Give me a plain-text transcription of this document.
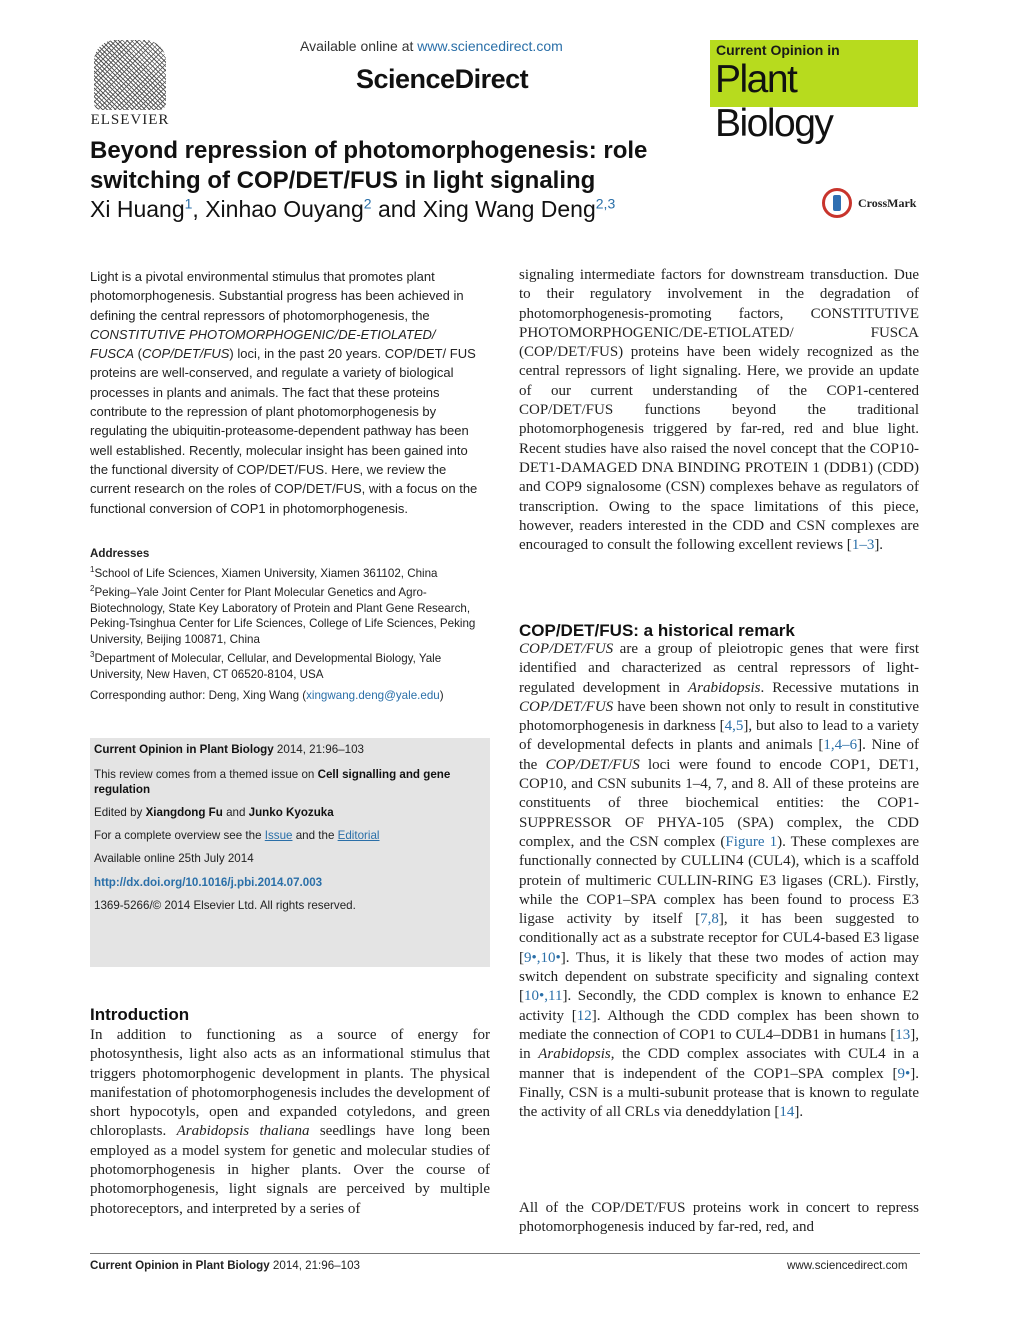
ELSEVIER
Available online at www.sciencedirect.com
ScienceDirect
Current Opinion in
Plant Biology
Beyond repression of photomorphogenesis: role switching of COP/DET/FUS in light signaling
Xi Huang$^1$, Xinhao Ouyang$^2$ and Xing Wang Deng$^{2,3}$	CrossMark
Light is a pivotal environmental stimulus that promotes plant photomorphogenesis. Substantial progress has been achieved in defining the central repressors of photomorphogenesis, the CONSTITUTIVE PHOTOMORPHOGENIC/DE-ETIOLATED/ FUSCA (COP/DET/FUS) loci, in the past 20 years. COP/DET/ FUS proteins are well-conserved, and regulate a variety of biological processes in plants and animals. The fact that these proteins contribute to the repression of plant photomorphogenesis by regulating the ubiquitin-proteasome-dependent pathway has been well established. Recently, molecular insight has been gained into the functional diversity of COP/DET/FUS. Here, we review the current research on the roles of COP/DET/FUS, with a focus on the functional conversion of COP1 in photomorphogenesis.
Addresses
$^1$School of Life Sciences, Xiamen University, Xiamen 361102, China
$^2$Peking–Yale Joint Center for Plant Molecular Genetics and Agro-Biotechnology, State Key Laboratory of Protein and Plant Gene Research, Peking-Tsinghua Center for Life Sciences, College of Life Sciences, Peking University, Beijing 100871, China
$^3$Department of Molecular, Cellular, and Developmental Biology, Yale University, New Haven, CT 06520-8104, USA
Corresponding author: Deng, Xing Wang (xingwang.deng@yale.edu)
Current Opinion in Plant Biology 2014, 21:96–103
This review comes from a themed issue on Cell signalling and gene regulation
Edited by Xiangdong Fu and Junko Kyozuka
For a complete overview see the Issue and the Editorial
Available online 25th July 2014
http://dx.doi.org/10.1016/j.pbi.2014.07.003
1369-5266/© 2014 Elsevier Ltd. All rights reserved.
Introduction
In addition to functioning as a source of energy for photosynthesis, light also acts as an informational stimulus that triggers photomorphogenic development in plants. The physical manifestation of photomorphogenesis includes the development of short hypocotyls, open and expanded cotyledons, and green chloroplasts. Arabidopsis thaliana seedlings have long been employed as a model system for genetic and molecular studies of photomorphogenesis in higher plants. Over the course of photomorphogenesis, light signals are perceived by multiple photoreceptors, and interpreted by a series of
signaling intermediate factors for downstream transduction. Due to their regulatory involvement in the degradation of photomorphogenesis-promoting factors, CONSTITUTIVE PHOTOMORPHOGENIC/DE-ETIOLATED/ FUSCA (COP/DET/FUS) proteins have been widely recognized as the central repressors of light signaling. Here, we provide an update of our current understanding of the COP1-centered COP/DET/FUS functions beyond the traditional photomorphogenesis triggered by far-red, red and blue light. Recent studies have also raised the novel concept that the COP10-DET1-DAMAGED DNA BINDING PROTEIN 1 (DDB1) (CDD) and COP9 signalosome (CSN) complexes behave as regulators of transcription. Owing to the space limitations of this piece, however, readers interested in the CDD and CSN complexes are encouraged to consult the following excellent reviews [1–3].
COP/DET/FUS: a historical remark
COP/DET/FUS are a group of pleiotropic genes that were first identified and characterized as central repressors of light-regulated development in Arabidopsis. Recessive mutations in COP/DET/FUS have been shown not only to result in constitutive photomorphogenesis in darkness [4,5], but also to lead to a variety of developmental defects in plants and animals [1,4–6]. Nine of the COP/DET/FUS loci were found to encode COP1, DET1, COP10, and CSN subunits 1–4, 7, and 8. All of these proteins are constituents of three biochemical entities: the COP1-SUPPRESSOR OF PHYA-105 (SPA) complex, the CDD complex, and the CSN complex (Figure 1). These complexes are functionally connected by CULLIN4 (CUL4), which is a scaffold protein of multimeric CULLIN-RING E3 ligases (CRL). Firstly, while the COP1–SPA complex has been found to process E3 ligase activity by itself [7,8], it has been suggested to conditionally act as a substrate receptor for CUL4-based E3 ligase [9•,10•]. Thus, it is likely that these two modes of action may switch dependent on substrate specificity and signaling context [10•,11]. Secondly, the CDD complex is known to enhance E2 activity [12]. Although the CDD complex has been shown to mediate the connection of COP1 to CUL4–DDB1 in humans [13], in Arabidopsis, the CDD complex associates with CUL4 in a manner that is independent of the COP1–SPA complex [9•]. Finally, CSN is a multi-subunit protease that is known to regulate the activity of all CRLs via deneddylation [14].
All of the COP/DET/FUS proteins work in concert to repress photomorphogenesis induced by far-red, red, and
Current Opinion in Plant Biology 2014, 21:96–103	www.sciencedirect.com
